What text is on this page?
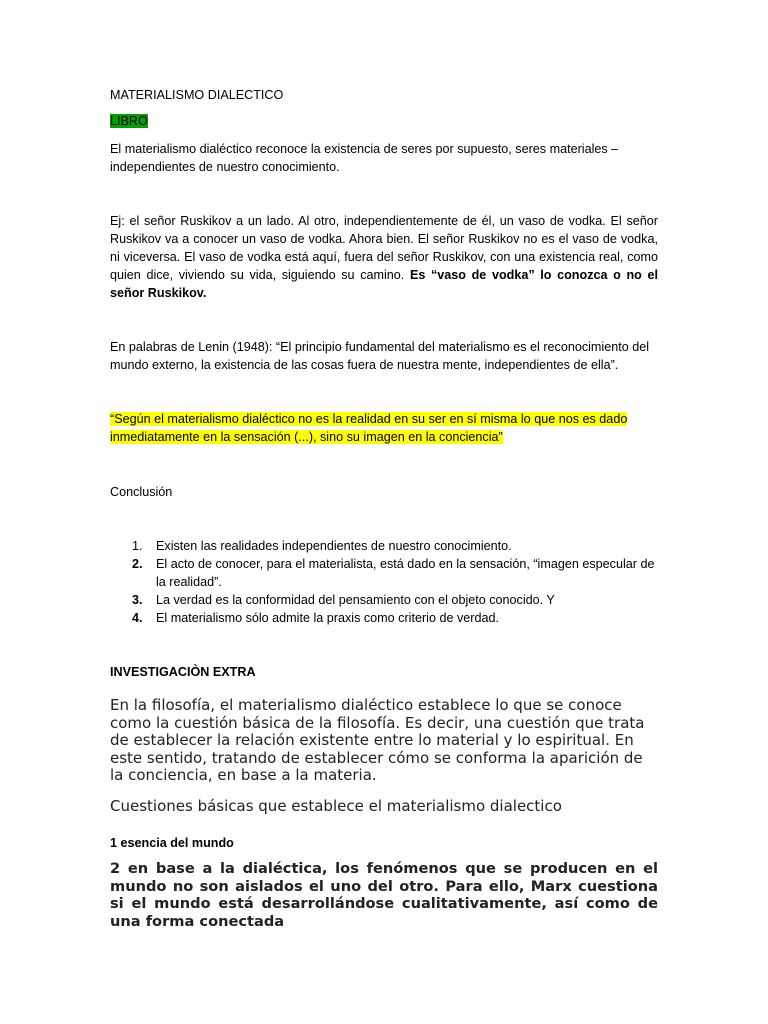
MATERIALISMO DIALECTICO

LIBRO

El materialismo dialéctico reconoce la existencia de seres por supuesto, seres materiales – independientes de nuestro conocimiento.

Ej: el señor Ruskikov a un lado. Al otro, independientemente de él, un vaso de vodka. El señor Ruskikov va a conocer un vaso de vodka. Ahora bien. El señor Ruskikov no es el vaso de vodka, ni viceversa. El vaso de vodka está aquí, fuera del señor Ruskikov, con una existencia real, como quien dice, viviendo su vida, siguiendo su camino. Es “vaso de vodka” lo conozca o no el señor Ruskikov.

En palabras de Lenin (1948): “El principio fundamental del materialismo es el reconocimiento del mundo externo, la existencia de las cosas fuera de nuestra mente, independientes de ella”.

“Según el materialismo dialéctico no es la realidad en su ser en sí misma lo que nos es dado inmediatamente en la sensación (...), sino su imagen en la conciencia”

Conclusión

1. Existen las realidades independientes de nuestro conocimiento.
2. El acto de conocer, para el materialista, está dado en la sensación, “imagen especular de la realidad”.
3. La verdad es la conformidad del pensamiento con el objeto conocido. Y
4. El materialismo sólo admite la praxis como criterio de verdad.

INVESTIGACIÒN EXTRA

En la filosofía, el materialismo dialéctico establece lo que se conoce como la cuestión básica de la filosofía. Es decir, una cuestión que trata de establecer la relación existente entre lo material y lo espiritual. En este sentido, tratando de establecer cómo se conforma la aparición de la conciencia, en base a la materia.

Cuestiones básicas que establece el materialismo dialectico

1 esencia del mundo

2 en base a la dialéctica, los fenómenos que se producen en el mundo no son aislados el uno del otro. Para ello, Marx cuestiona si el mundo está desarrollándose cualitativamente, así como de una forma conectada
